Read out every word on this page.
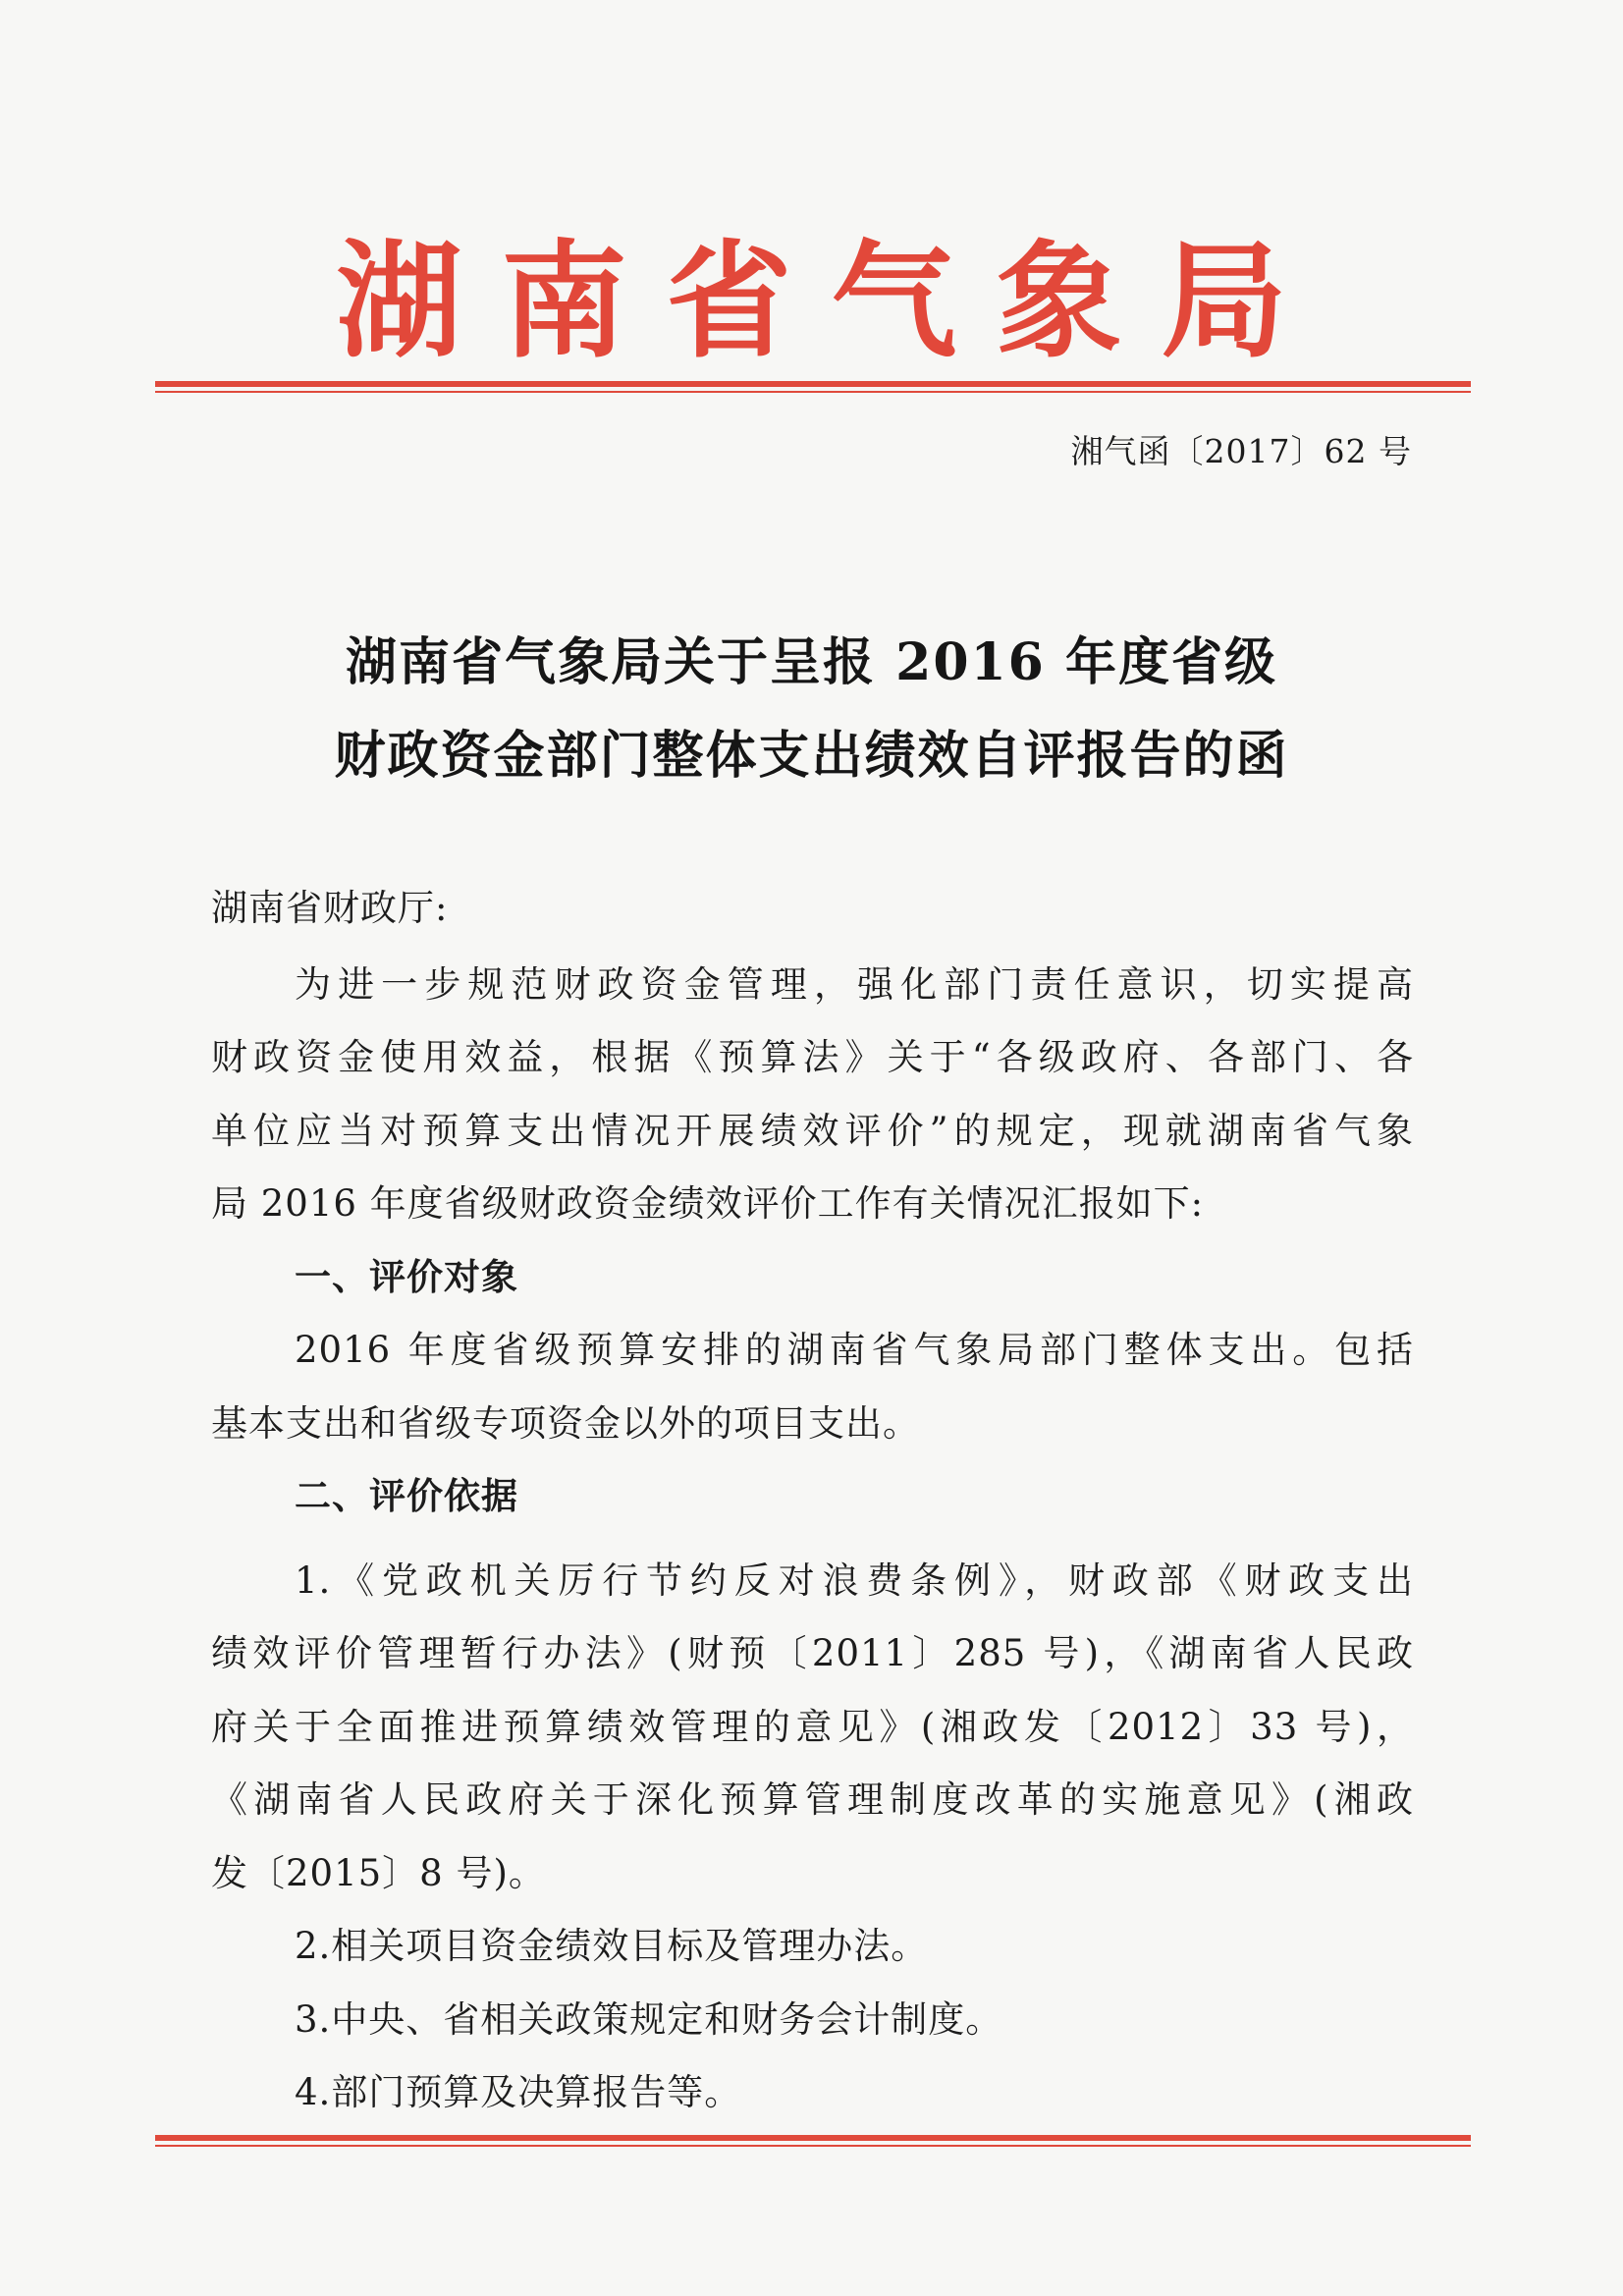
湖南省气象局
湘气函〔2017〕62 号
湖南省气象局关于呈报 2016 年度省级
财政资金部门整体支出绩效自评报告的函
湖南省财政厅:
为进一步规范财政资金管理，强化部门责任意识，切实提高
财政资金使用效益，根据《预算法》关于“各级政府、各部门、各
单位应当对预算支出情况开展绩效评价”的规定，现就湖南省气象
局 2016 年度省级财政资金绩效评价工作有关情况汇报如下:
一、评价对象
2016 年度省级预算安排的湖南省气象局部门整体支出。包括
基本支出和省级专项资金以外的项目支出。
二、评价依据
1.《党政机关厉行节约反对浪费条例》，财政部《财政支出
绩效评价管理暂行办法》(财预〔2011〕285 号)，《湖南省人民政
府关于全面推进预算绩效管理的意见》(湘政发〔2012〕33 号)，
《湖南省人民政府关于深化预算管理制度改革的实施意见》(湘政
发〔2015〕8 号)。
2.相关项目资金绩效目标及管理办法。
3.中央、省相关政策规定和财务会计制度。
4.部门预算及决算报告等。
